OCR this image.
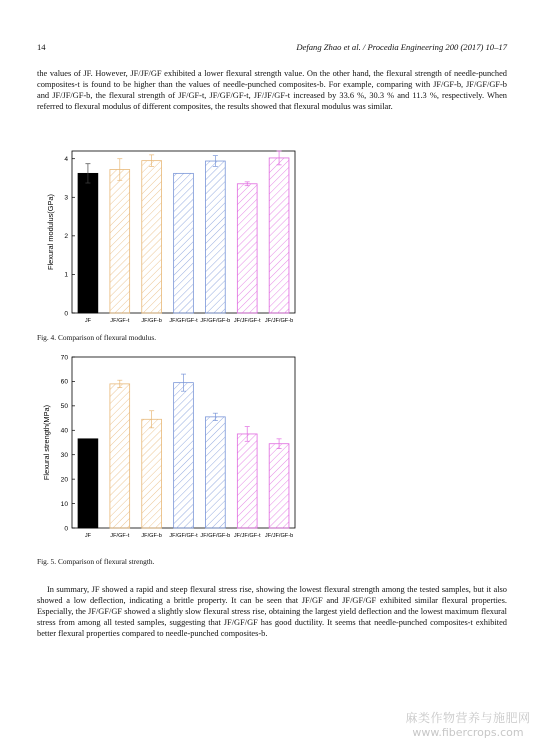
14	Defang Zhao et al. / Procedia Engineering 200 (2017) 10–17

the values of JF. However, JF/JF/GF exhibited a lower flexural strength value. On the other hand, the flexural strength of needle-punched composites-t is found to be higher than the values of needle-punched composites-b. For example, comparing with JF/GF-b, JF/GF/GF-b and JF/JF/GF-b, the flexural strength of JF/GF-t, JF/GF/GF-t, JF/JF/GF-t increased by 33.6 %, 30.3 % and 11.3 %, respectively. When referred to flexural modulus of different composites, the results showed that flexural modulus was similar.

0
1
2
3
4
Flexural modulus(GPa)
JF	JF/GF-t JF/GF-b JF/GF/GF-t JF/GF/GF-b JF/JF/GF-t JF/JF/GF-b
Fig. 4. Comparison of flexural modulus.
0
10
20
30
40
50
60
70
Flexural strength(MPa)
JF	JF/GF-t JF/GF-b JF/GF/GF-t JF/GF/GF-b JF/JF/GF-t JF/JF/GF-b
Fig. 5. Comparison of flexural strength.

In summary, JF showed a rapid and steep flexural stress rise, showing the lowest flexural strength among the tested samples, but it also showed a low deflection, indicating a brittle property. It can be seen that JF/GF and JF/GF/GF exhibited similar flexural properties. Especially, the JF/GF/GF showed a slightly slow flexural stress rise, obtaining the largest yield deflection and the lowest maximum flexural stress from among all tested samples, suggesting that JF/GF/GF has good ductility. It seems that needle-punched composites-t exhibited better flexural properties compared to needle-punched composites-b.

麻类作物营养与施肥网
www.fibercrops.com
